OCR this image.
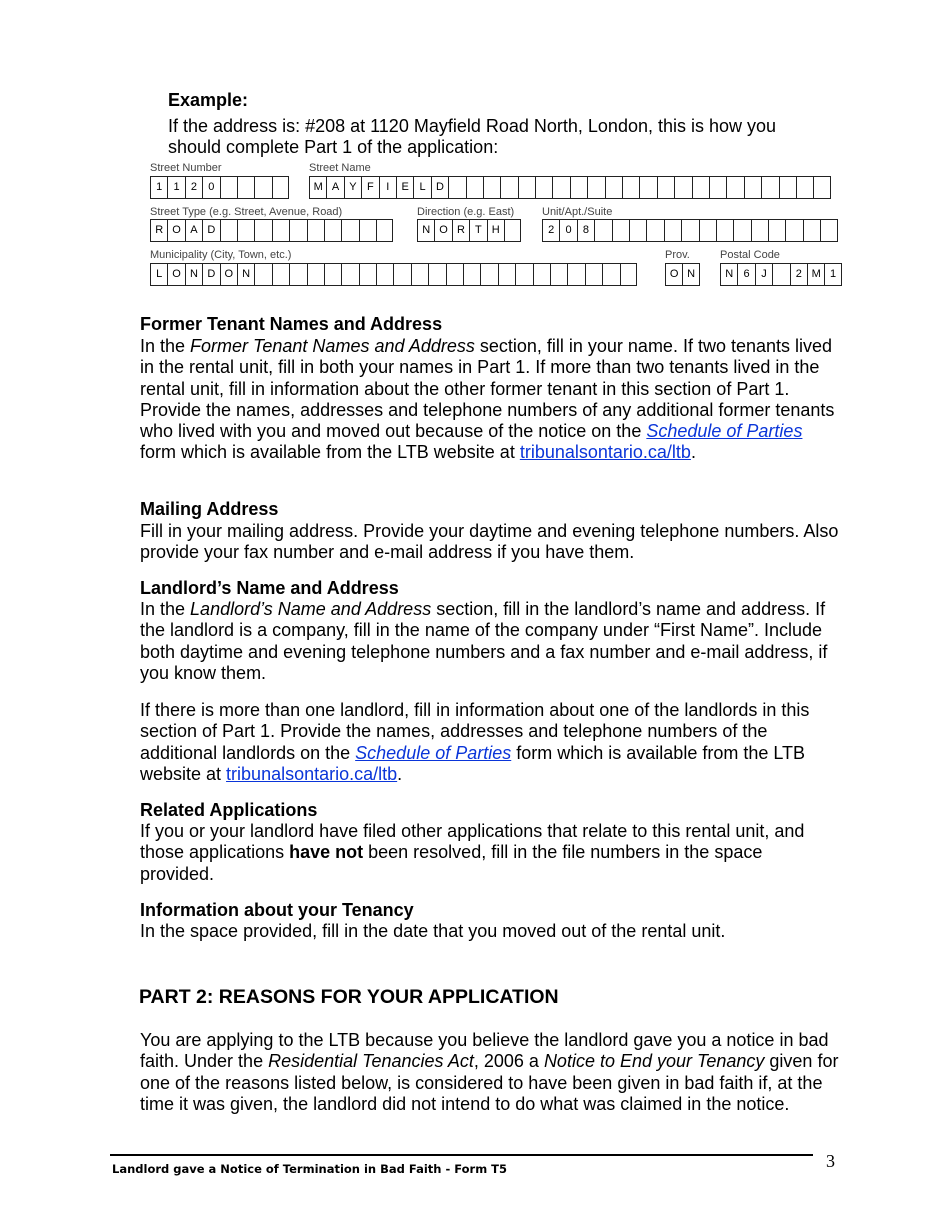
Example:
If the address is: #208 at 1120 Mayfield Road North, London, this is how you should complete Part 1 of the application:
Street Number
1	1	2	0
Street Name
M A Y F	I	E L D
Street Type (e.g. Street, Avenue, Road)
R O A D
Direction (e.g. East)
N O R T H
Unit/Apt./Suite
2	0	8
Municipality (City, Town, etc.)
L O N D O N
Prov.
O N
Postal Code
N 6	J	2 M 1
Former Tenant Names and Address
In the Former Tenant Names and Address section, fill in your name. If two tenants lived in the rental unit, fill in both your names in Part 1. If more than two tenants lived in the rental unit, fill in information about the other former tenant in this section of Part 1. Provide the names, addresses and telephone numbers of any additional former tenants who lived with you and moved out because of the notice on the Schedule of Parties form which is available from the LTB website at tribunalsontario.ca/ltb.
Mailing Address
Fill in your mailing address. Provide your daytime and evening telephone numbers. Also provide your fax number and e-mail address if you have them.
Landlord’s Name and Address
In the Landlord’s Name and Address section, fill in the landlord’s name and address. If the landlord is a company, fill in the name of the company under “First Name”. Include both daytime and evening telephone numbers and a fax number and e-mail address, if you know them.
If there is more than one landlord, fill in information about one of the landlords in this section of Part 1. Provide the names, addresses and telephone numbers of the additional landlords on the Schedule of Parties form which is available from the LTB website at tribunalsontario.ca/ltb.
Related Applications
If you or your landlord have filed other applications that relate to this rental unit, and those applications have not been resolved, fill in the file numbers in the space provided.
Information about your Tenancy
In the space provided, fill in the date that you moved out of the rental unit.
PART 2: REASONS FOR YOUR APPLICATION
You are applying to the LTB because you believe the landlord gave you a notice in bad faith. Under the Residential Tenancies Act, 2006 a Notice to End your Tenancy given for one of the reasons listed below, is considered to have been given in bad faith if, at the time it was given, the landlord did not intend to do what was claimed in the notice.
Landlord gave a Notice of Termination in Bad Faith - Form T5	3
